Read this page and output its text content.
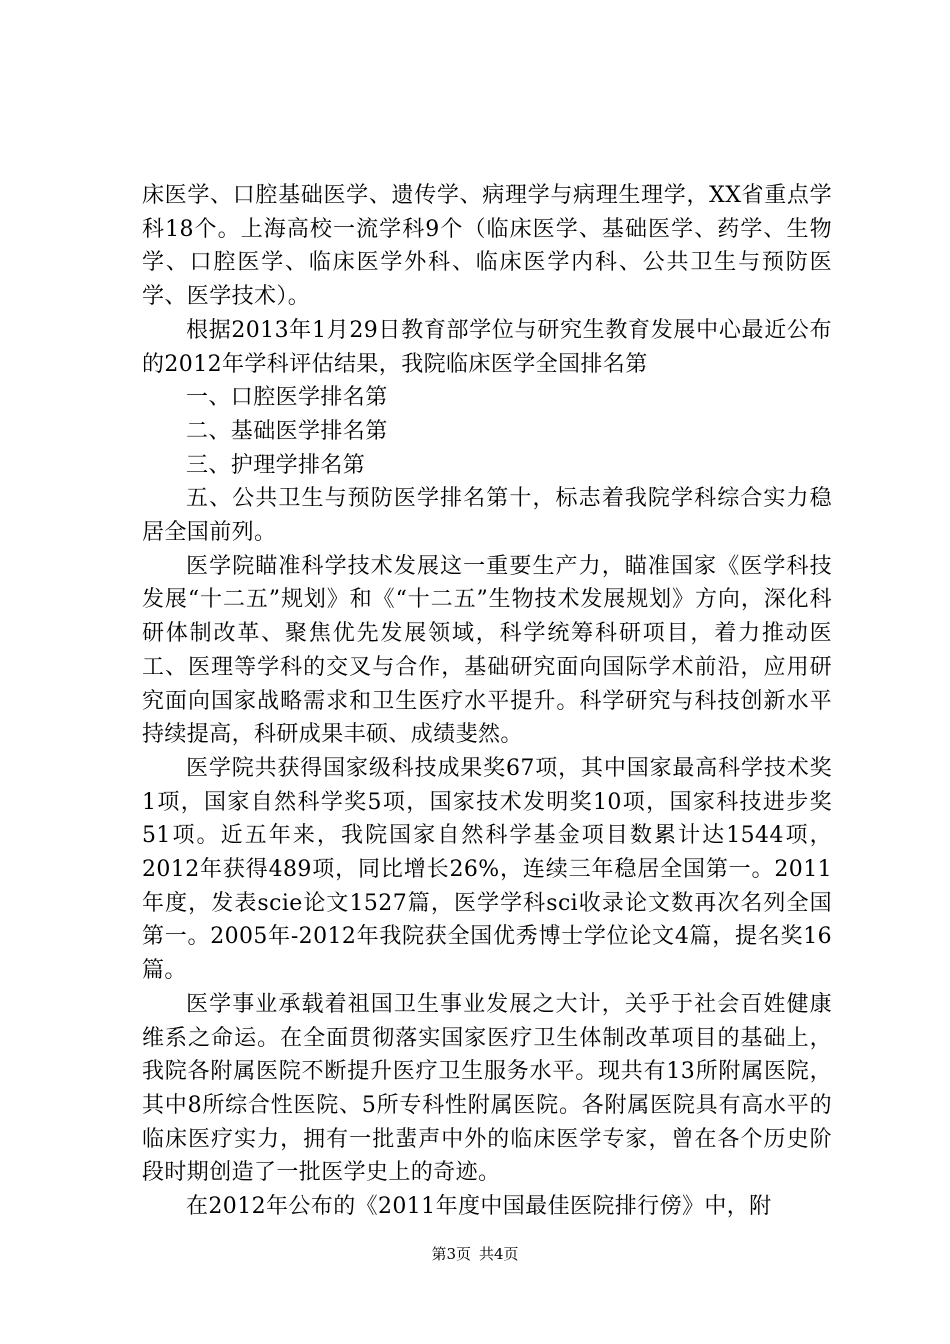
床医学、口腔基础医学、遗传学、病理学与病理生理学，XX省重点学科18个。上海高校一流学科9个（临床医学、基础医学、药学、生物学、口腔医学、临床医学外科、临床医学内科、公共卫生与预防医学、医学技术）。

根据2013年1月29日教育部学位与研究生教育发展中心最近公布的2012年学科评估结果，我院临床医学全国排名第

一、口腔医学排名第

二、基础医学排名第

三、护理学排名第

五、公共卫生与预防医学排名第十，标志着我院学科综合实力稳居全国前列。

医学院瞄准科学技术发展这一重要生产力，瞄准国家《医学科技发展“十二五”规划》和《“十二五”生物技术发展规划》方向，深化科研体制改革、聚焦优先发展领域，科学统筹科研项目，着力推动医工、医理等学科的交叉与合作，基础研究面向国际学术前沿，应用研究面向国家战略需求和卫生医疗水平提升。科学研究与科技创新水平持续提高，科研成果丰硕、成绩斐然。

医学院共获得国家级科技成果奖67项，其中国家最高科学技术奖1项，国家自然科学奖5项，国家技术发明奖10项，国家科技进步奖51项。近五年来，我院国家自然科学基金项目数累计达1544项，2012年获得489项，同比增长26%，连续三年稳居全国第一。2011年度，发表scie论文1527篇，医学学科sci收录论文数再次名列全国第一。2005年-2012年我院获全国优秀博士学位论文4篇，提名奖16篇。

医学事业承载着祖国卫生事业发展之大计，关乎于社会百姓健康维系之命运。在全面贯彻落实国家医疗卫生体制改革项目的基础上，我院各附属医院不断提升医疗卫生服务水平。现共有13所附属医院，其中8所综合性医院、5所专科性附属医院。各附属医院具有高水平的临床医疗实力，拥有一批蜚声中外的临床医学专家，曾在各个历史阶段时期创造了一批医学史上的奇迹。

在2012年公布的《2011年度中国最佳医院排行傍》中，附

第3页 共4页
